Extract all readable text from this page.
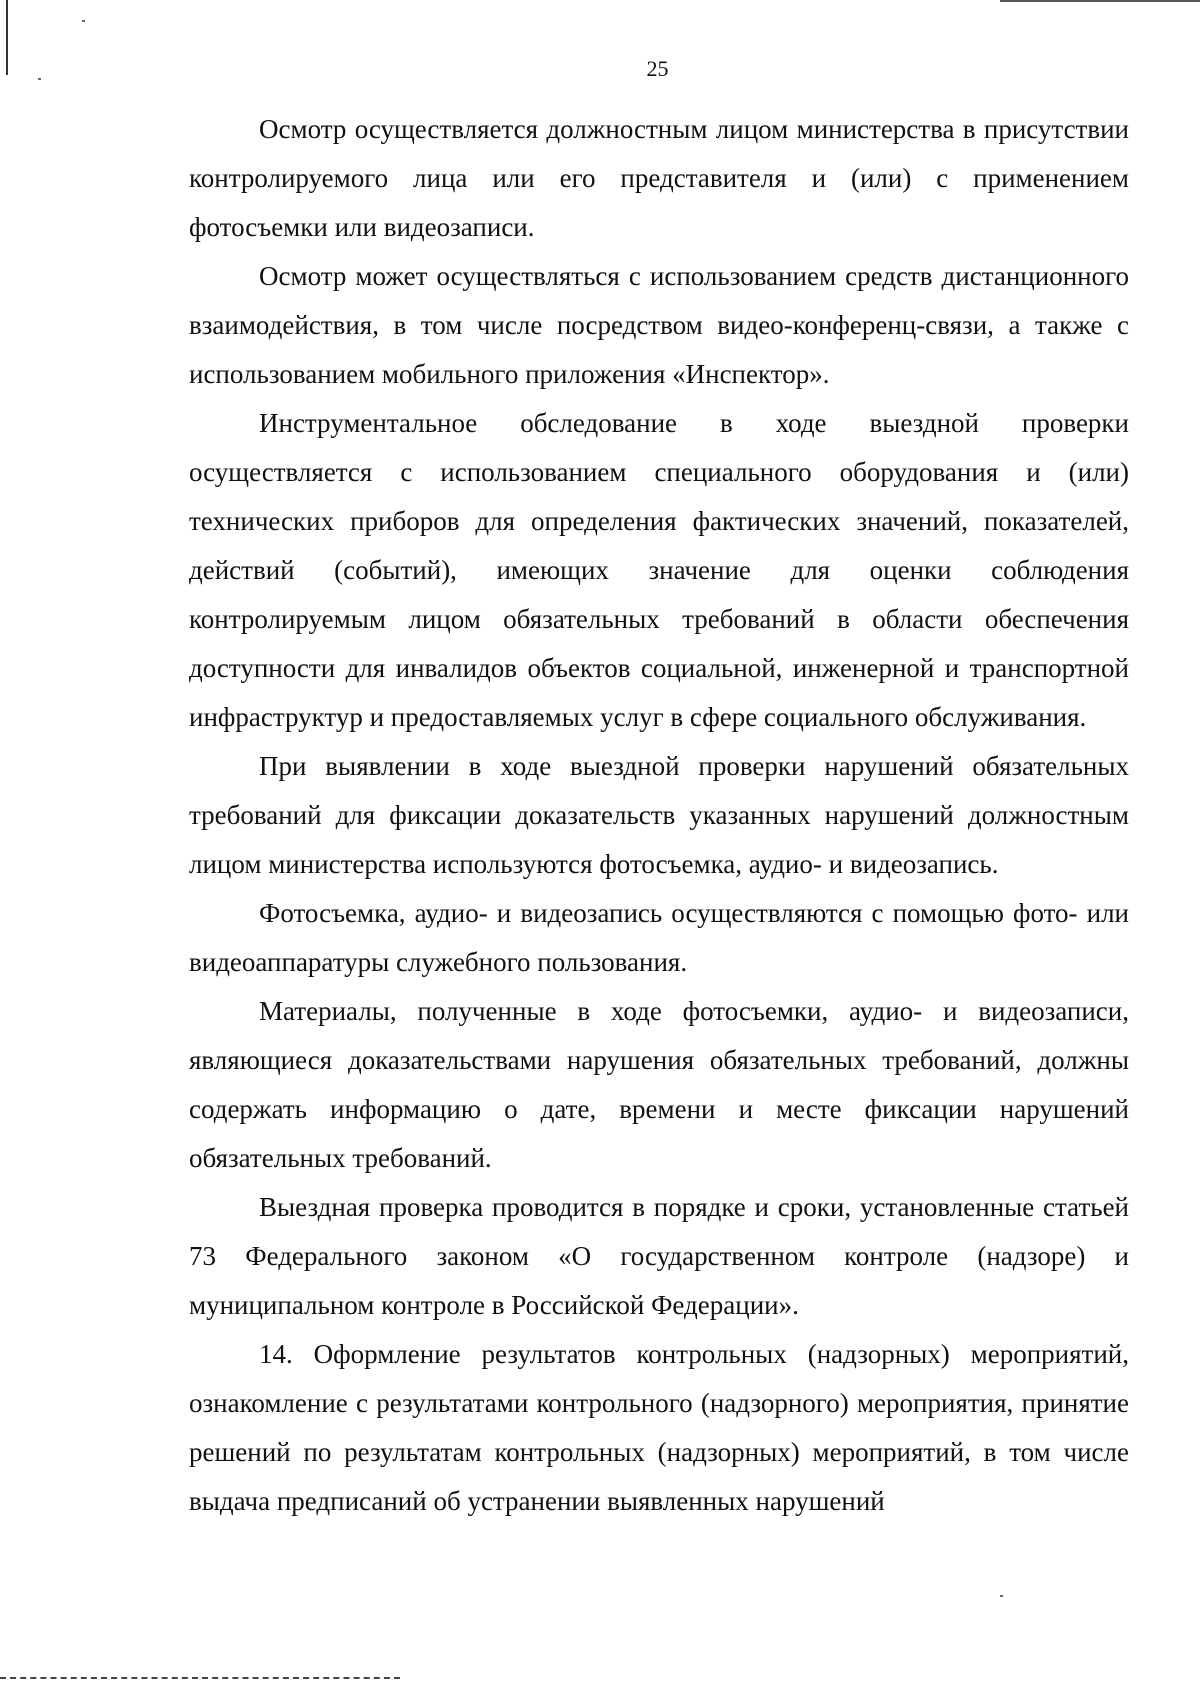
25

Осмотр осуществляется должностным лицом министерства в присутствии контролируемого лица или его представителя и (или) с применением фотосъемки или видеозаписи.

Осмотр может осуществляться с использованием средств дистанционного взаимодействия, в том числе посредством видео-конференц-связи, а также с использованием мобильного приложения «Инспектор».

Инструментальное обследование в ходе выездной проверки осуществляется с использованием специального оборудования и (или) технических приборов для определения фактических значений, показателей, действий (событий), имеющих значение для оценки соблюдения контролируемым лицом обязательных требований в области обеспечения доступности для инвалидов объектов социальной, инженерной и транспортной инфраструктур и предоставляемых услуг в сфере социального обслуживания.

При выявлении в ходе выездной проверки нарушений обязательных требований для фиксации доказательств указанных нарушений должностным лицом министерства используются фотосъемка, аудио- и видеозапись.

Фотосъемка, аудио- и видеозапись осуществляются с помощью фото- или видеоаппаратуры служебного пользования.

Материалы, полученные в ходе фотосъемки, аудио- и видеозаписи, являющиеся доказательствами нарушения обязательных требований, должны содержать информацию о дате, времени и месте фиксации нарушений обязательных требований.

Выездная проверка проводится в порядке и сроки, установленные статьей 73 Федерального законом «О государственном контроле (надзоре) и муниципальном контроле в Российской Федерации».

14. Оформление результатов контрольных (надзорных) мероприятий, ознакомление с результатами контрольного (надзорного) мероприятия, принятие решений по результатам контрольных (надзорных) мероприятий, в том числе выдача предписаний об устранении выявленных нарушений
